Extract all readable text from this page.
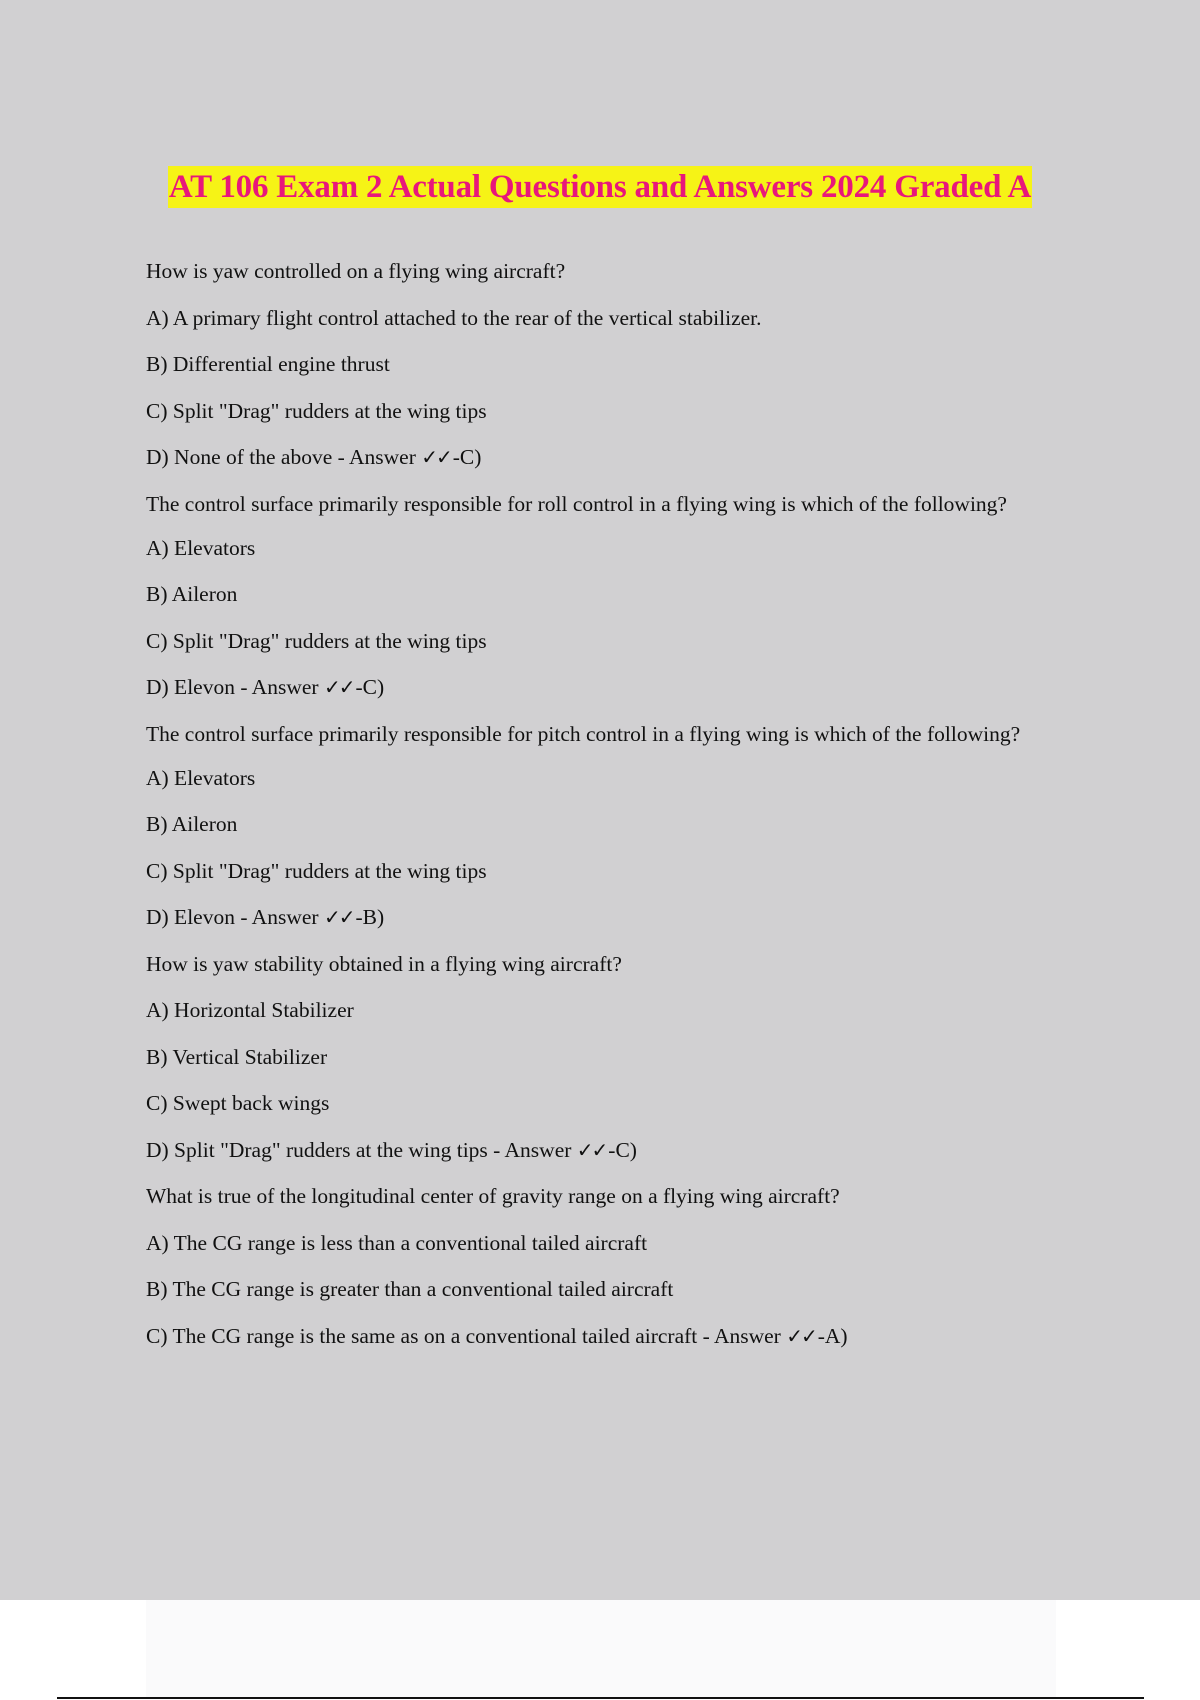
AT 106 Exam 2 Actual Questions and Answers 2024 Graded A
How is yaw controlled on a flying wing aircraft?
A) A primary flight control attached to the rear of the vertical stabilizer.
B) Differential engine thrust
C) Split "Drag" rudders at the wing tips
D) None of the above - Answer ✓✓-C)
The control surface primarily responsible for roll control in a flying wing is which of the following?
A) Elevators
B) Aileron
C) Split "Drag" rudders at the wing tips
D) Elevon - Answer ✓✓-C)
The control surface primarily responsible for pitch control in a flying wing is which of the following?
A) Elevators
B) Aileron
C) Split "Drag" rudders at the wing tips
D) Elevon - Answer ✓✓-B)
How is yaw stability obtained in a flying wing aircraft?
A) Horizontal Stabilizer
B) Vertical Stabilizer
C) Swept back wings
D) Split "Drag" rudders at the wing tips - Answer ✓✓-C)
What is true of the longitudinal center of gravity range on a flying wing aircraft?
A) The CG range is less than a conventional tailed aircraft
B) The CG range is greater than a conventional tailed aircraft
C) The CG range is the same as on a conventional tailed aircraft - Answer ✓✓-A)
